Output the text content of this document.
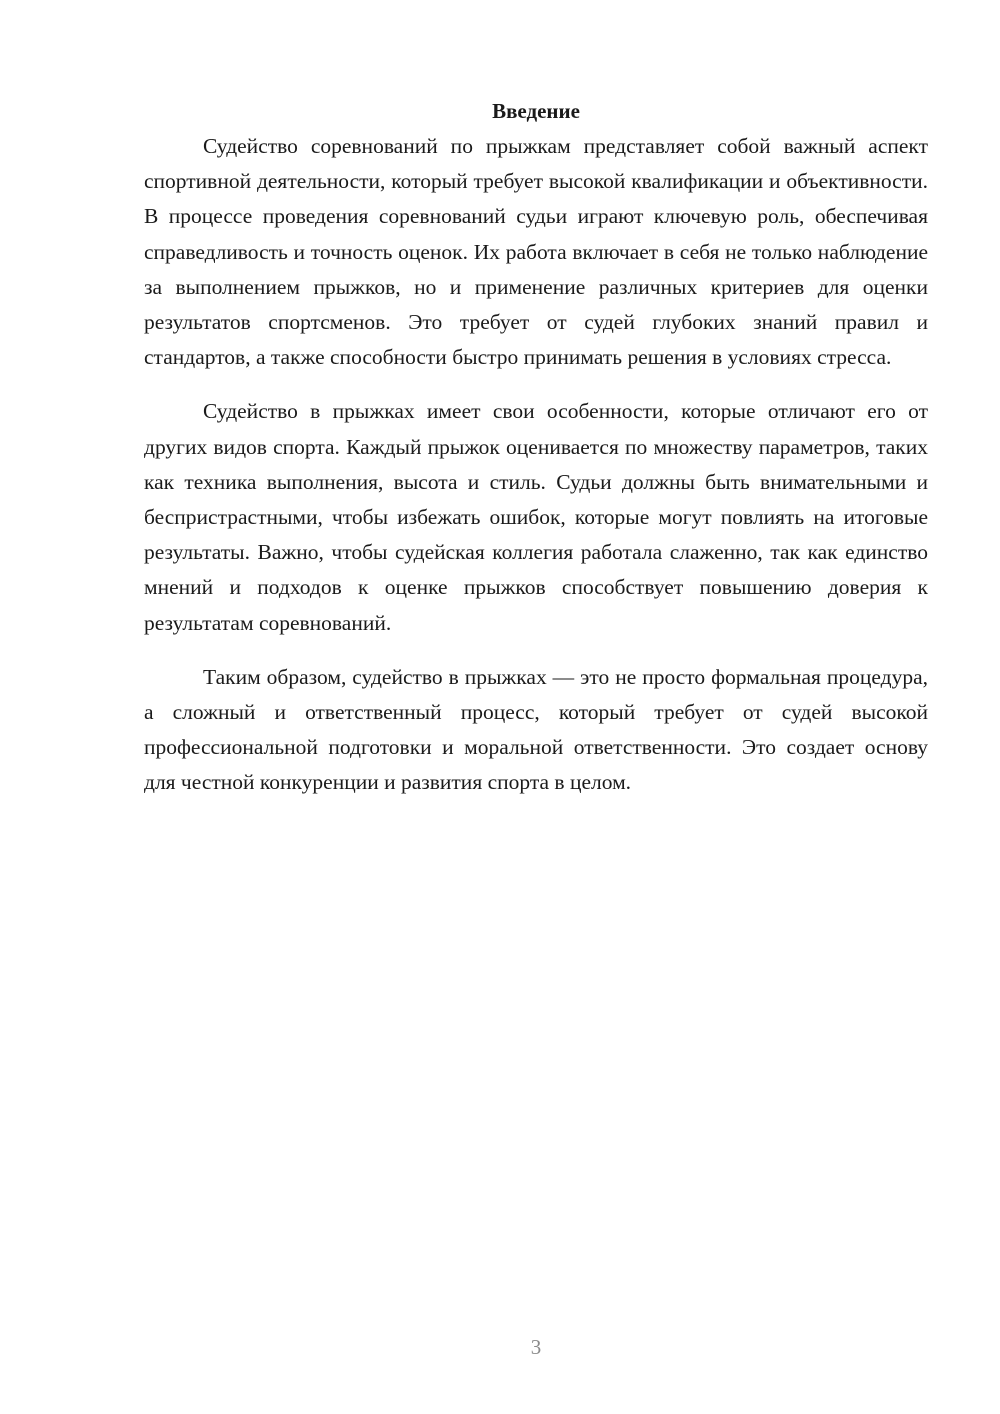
Введение

Судейство соревнований по прыжкам представляет собой важный аспект спортивной деятельности, который требует высокой квалификации и объективности. В процессе проведения соревнований судьи играют ключевую роль, обеспечивая справедливость и точность оценок. Их работа включает в себя не только наблюдение за выполнением прыжков, но и применение различных критериев для оценки результатов спортсменов. Это требует от судей глубоких знаний правил и стандартов, а также способности быстро принимать решения в условиях стресса.

Судейство в прыжках имеет свои особенности, которые отличают его от других видов спорта. Каждый прыжок оценивается по множеству параметров, таких как техника выполнения, высота и стиль. Судьи должны быть внимательными и беспристрастными, чтобы избежать ошибок, которые могут повлиять на итоговые результаты. Важно, чтобы судейская коллегия работала слаженно, так как единство мнений и подходов к оценке прыжков способствует повышению доверия к результатам соревнований.

Таким образом, судейство в прыжках — это не просто формальная процедура, а сложный и ответственный процесс, который требует от судей высокой профессиональной подготовки и моральной ответственности. Это создает основу для честной конкуренции и развития спорта в целом.

3
